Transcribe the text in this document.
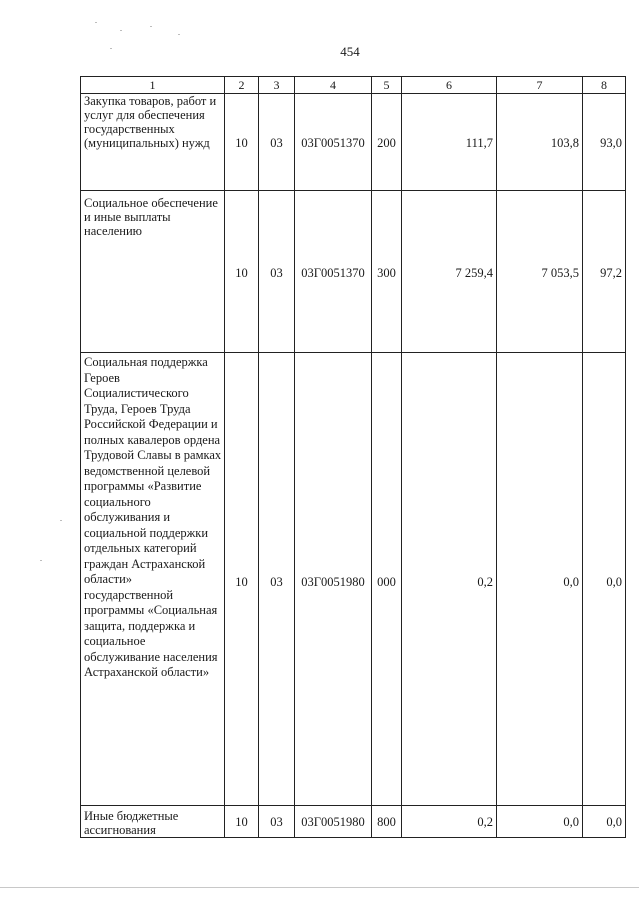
454
1	2	3	4	5	6	7	8
Закупка товаров, работ и услуг для обеспечения государственных (муниципальных) нужд	10	03	03Г0051370	200	111,7	103,8	93,0
Социальное обеспечение и иные выплаты населению	10	03	03Г0051370	300	7 259,4	7 053,5	97,2
Социальная поддержка Героев Социалистического Труда, Героев Труда Российской Федерации и полных кавалеров ордена Трудовой Славы в рамках ведомственной целевой программы «Развитие социального обслуживания и социальной поддержки отдельных категорий граждан Астраханской области» государственной программы «Социальная защита, поддержка и социальное обслуживание населения Астраханской области»	10	03	03Г0051980	000	0,2	0,0	0,0
Иные бюджетные ассигнования	10	03	03Г0051980	800	0,2	0,0	0,0
